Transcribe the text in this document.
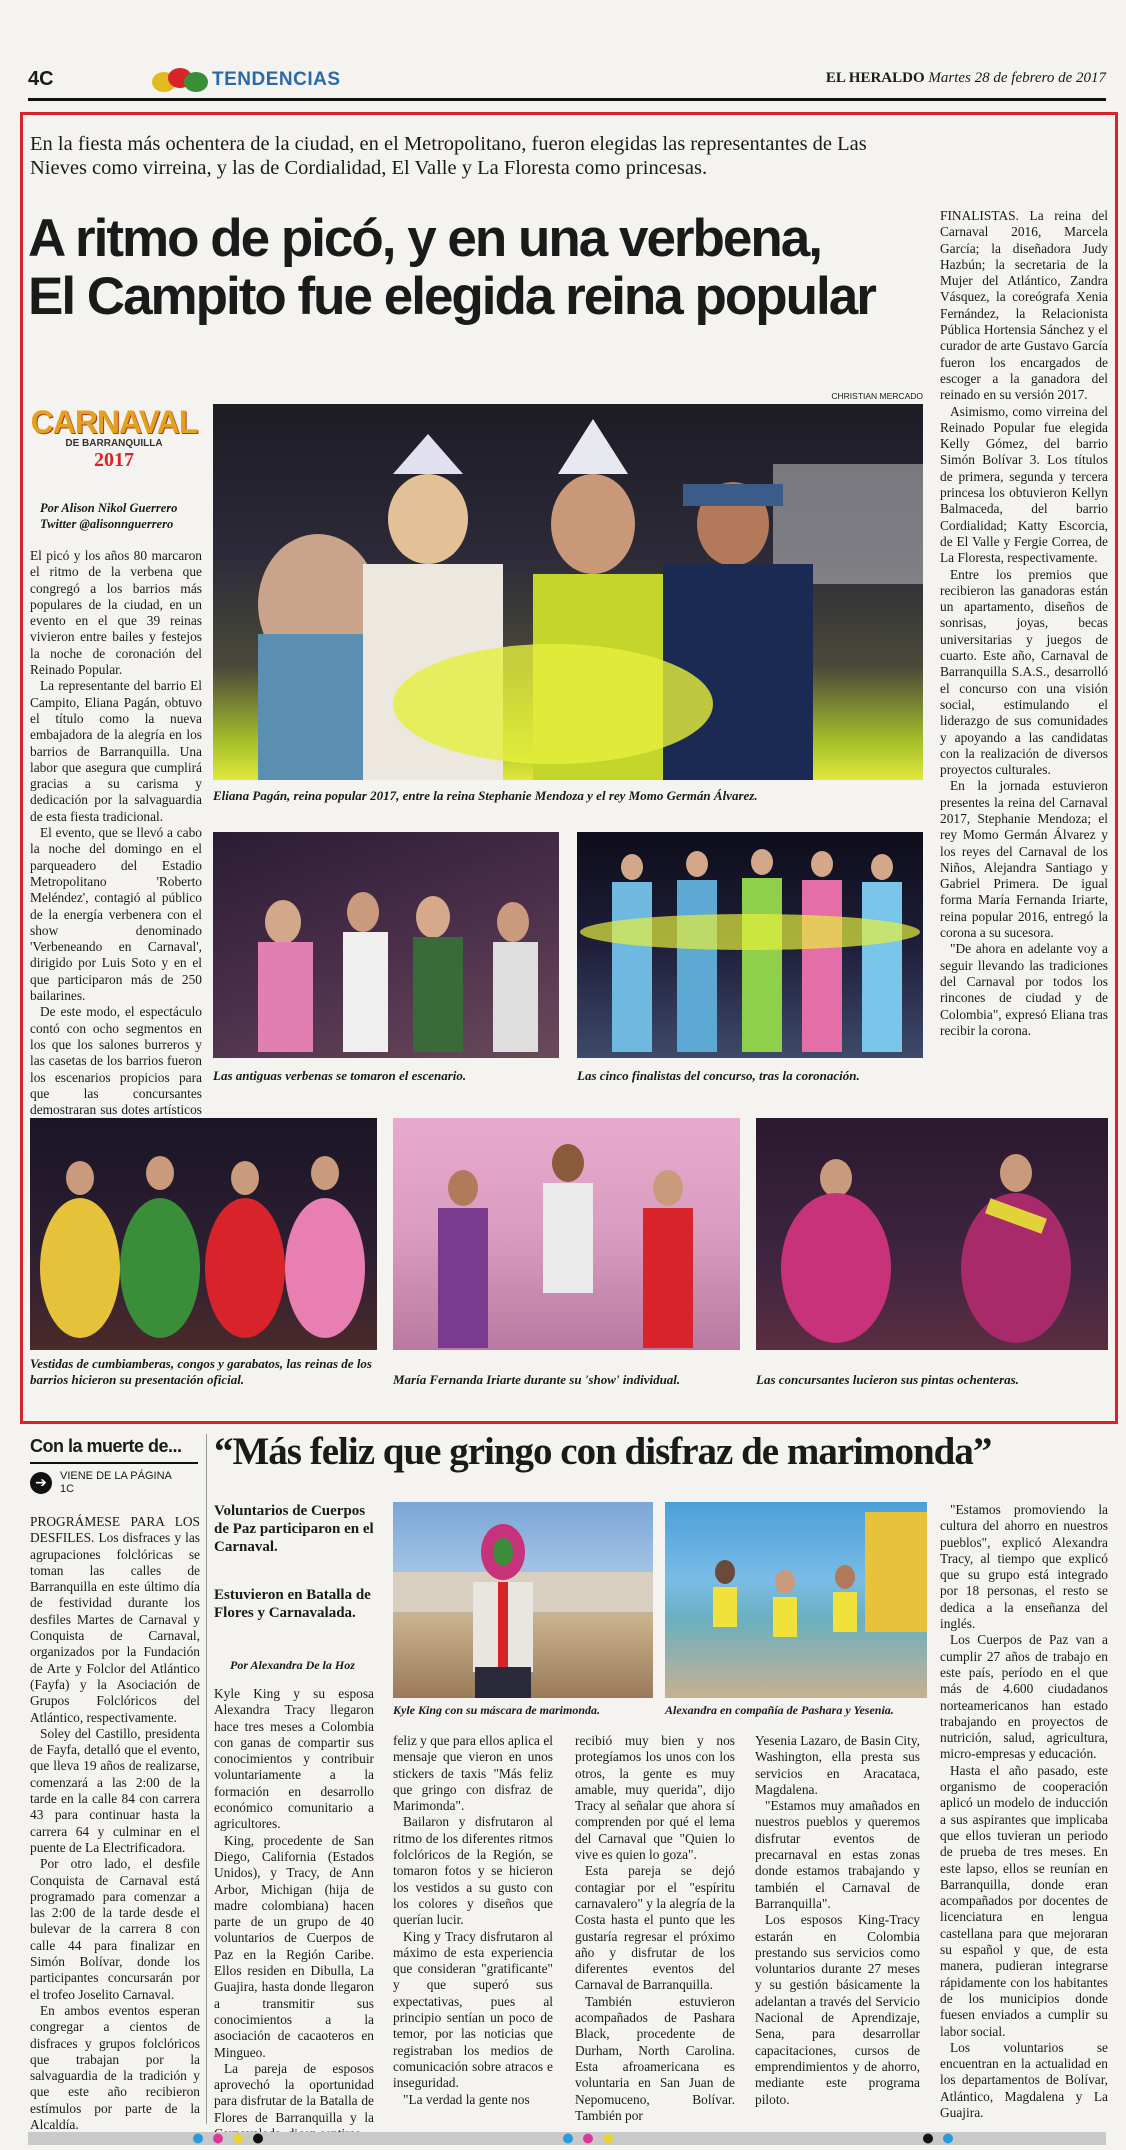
4C	TENDENCIAS	EL HERALDO Martes 28 de febrero de 2017
En la fiesta más ochentera de la ciudad, en el Metropolitano, fueron elegidas las representantes de Las Nieves como virreina, y las de Cordialidad, El Valle y La Floresta como princesas.
A ritmo de picó, y en una verbena,
El Campito fue elegida reina popular
CHRISTIAN MERCADO
CARNAVAL
DE BARRANQUILLA
2017
Por Alison Nikol Guerrero
Twitter @alisonnguerrero

El picó y los años 80 marcaron el ritmo de la verbena que congregó a los barrios más populares de la ciudad, en un evento en el que 39 reinas vivieron entre bailes y festejos la noche de coronación del Reinado Popular.

La representante del barrio El Campito, Eliana Pagán, obtuvo el título como la nueva embajadora de la alegría en los barrios de Barranquilla. Una labor que asegura que cumplirá gracias a su carisma y dedicación por la salvaguardia de esta fiesta tradicional.

El evento, que se llevó a cabo la noche del domingo en el parqueadero del Estadio Metropolitano 'Roberto Meléndez', contagió al público de la energía verbenera con el show denominado 'Verbeneando en Carnaval', dirigido por Luis Soto y en el que participaron más de 250 bailarines.

De este modo, el espectáculo contó con ocho segmentos en los que los salones burreros y las casetas de los barrios fueron los escenarios propicios para que las concursantes demostraran sus dotes artísticos

FINALISTAS. La reina del Carnaval 2016, Marcela García; la diseñadora Judy Hazbún; la secretaria de la Mujer del Atlántico, Zandra Vásquez, la coreógrafa Xenia Fernández, la Relacionista Pública Hortensia Sánchez y el curador de arte Gustavo García fueron los encargados de escoger a la ganadora del reinado en su versión 2017.

Asimismo, como virreina del Reinado Popular fue elegida Kelly Gómez, del barrio Simón Bolívar 3. Los títulos de primera, segunda y tercera princesa los obtuvieron Kellyn Balmaceda, del barrio Cordialidad; Katty Escorcia, de El Valle y Fergie Correa, de La Floresta, respectivamente.

Entre los premios que recibieron las ganadoras están un apartamento, diseños de sonrisas, joyas, becas universitarias y juegos de cuarto. Este año, Carnaval de Barranquilla S.A.S., desarrolló el concurso con una visión social, estimulando el liderazgo de sus comunidades y apoyando a las candidatas con la realización de diversos proyectos culturales.

En la jornada estuvieron presentes la reina del Carnaval 2017, Stephanie Mendoza; el rey Momo Germán Álvarez y los reyes del Carnaval de los Niños, Alejandra Santiago y Gabriel Primera. De igual forma María Fernanda Iriarte, reina popular 2016, entregó la corona a su sucesora.

"De ahora en adelante voy a seguir llevando las tradiciones del Carnaval por todos los rincones de ciudad y de Colombia", expresó Eliana tras recibir la corona.

Eliana Pagán, reina popular 2017, entre la reina Stephanie Mendoza y el rey Momo Germán Álvarez.
Las antiguas verbenas se tomaron el escenario.	Las cinco finalistas del concurso, tras la coronación.
Vestidas de cumbiamberas, congos y garabatos, las reinas de los barrios hicieron su presentación oficial.	María Fernanda Iriarte durante su 'show' individual.	Las concursantes lucieron sus pintas ochenteras.
Con la muerte de...
➔	VIENE DE LA PÁGINA 1C

PROGRÁMESE PARA LOS DESFILES. Los disfraces y las agrupaciones folclóricas se toman las calles de Barranquilla en este último día de festividad durante los desfiles Martes de Carnaval y Conquista de Carnaval, organizados por la Fundación de Arte y Folclor del Atlántico (Fayfa) y la Asociación de Grupos Folclóricos del Atlántico, respectivamente.

Soley del Castillo, presidenta de Fayfa, detalló que el evento, que lleva 19 años de realizarse, comenzará a las 2:00 de la tarde en la calle 84 con carrera 43 para continuar hasta la carrera 64 y culminar en el puente de La Electrificadora.

Por otro lado, el desfile Conquista de Carnaval está programado para comenzar a las 2:00 de la tarde desde el bulevar de la carrera 8 con calle 44 para finalizar en Simón Bolívar, donde los participantes concursarán por el trofeo Joselito Carnaval.

En ambos eventos esperan congregar a cientos de disfraces y grupos folclóricos que trabajan por la salvaguardia de la tradición y que este año recibieron estímulos por parte de la Alcaldía.

“Más feliz que gringo con disfraz de marimonda”
Voluntarios de Cuerpos de Paz participaron en el Carnaval.
Estuvieron en Batalla de Flores y Carnavalada.
Por Alexandra De la Hoz
Kyle King con su máscara de marimonda.	Alexandra en compañía de Pashara y Yesenia.

Kyle King y su esposa Alexandra Tracy llegaron hace tres meses a Colombia con ganas de compartir sus conocimientos y contribuir voluntariamente a la formación en desarrollo económico comunitario a agricultores.

King, procedente de San Diego, California (Estados Unidos), y Tracy, de Ann Arbor, Michigan (hija de madre colombiana) hacen parte de un grupo de 40 voluntarios de Cuerpos de Paz en la Región Caribe. Ellos residen en Dibulla, La Guajira, hasta donde llegaron a transmitir sus conocimientos a la asociación de cacaoteros en Mingueo.

La pareja de esposos aprovechó la oportunidad para disfrutar de la Batalla de Flores de Barranquilla y la

feliz y que para ellos aplica el mensaje que vieron en unos stickers de taxis "Más feliz que gringo con disfraz de Marimonda".

Bailaron y disfrutaron al ritmo de los diferentes ritmos folclóricos de la Región, se tomaron fotos y se hicieron los vestidos a su gusto con los colores y diseños que querían lucir.

King y Tracy disfrutaron al máximo de esta experiencia que consideran "gratificante" y que superó sus expectativas, pues al principio sentían un poco de temor, por las noticias que registraban los medios de comunicación sobre atracos e inseguridad.

"La verdad la gente nos

recibió muy bien y nos protegíamos los unos con los otros, la gente es muy amable, muy querida", dijo Tracy al señalar que ahora sí comprenden por qué el lema del Carnaval que "Quien lo vive es quien lo goza".

Esta pareja se dejó contagiar por el "espíritu carnavalero" y la alegría de la Costa hasta el punto que les gustaría regresar el próximo año y disfrutar de los diferentes eventos del Carnaval de Barranquilla.

También estuvieron acompañados de Pashara Black, procedente de Durham, North Carolina. Esta afroamericana es voluntaria en San Juan de Nepomuceno, Bolívar. También por

Yesenia Lazaro, de Basin City, Washington, ella presta sus servicios en Aracataca, Magdalena.

"Estamos muy amañados en nuestros pueblos y queremos disfrutar eventos de precarnaval en estas zonas donde estamos trabajando y también el Carnaval de Barranquilla".

Los esposos King-Tracy estarán en Colombia prestando sus servicios como voluntarios durante 27 meses y su gestión básicamente la adelantan a través del Servicio Nacional de Aprendizaje, Sena, para desarrollar capacitaciones, cursos de emprendimientos y de ahorro, mediante este programa piloto.

"Estamos promoviendo la cultura del ahorro en nuestros pueblos", explicó Alexandra Tracy, al tiempo que explicó que su grupo está integrado por 18 personas, el resto se dedica a la enseñanza del inglés.

Los Cuerpos de Paz van a cumplir 27 años de trabajo en este país, período en el que más de 4.600 ciudadanos norteamericanos han estado trabajando en proyectos de nutrición, salud, agricultura, micro-empresas y educación.

Hasta el año pasado, este organismo de cooperación aplicó un modelo de inducción a sus aspirantes que implicaba que ellos tuvieran un periodo de prueba de tres meses. En este lapso, ellos se reunían en Barranquilla, donde eran acompañados por docentes de licenciatura en lengua castellana para que mejoraran su español y que, de esta manera, pudieran integrarse rápidamente con los habitantes de los municipios donde fuesen enviados a cumplir su labor social.

Los voluntarios se encuentran en la actualidad en los departamentos de Bolívar, Atlántico, Magdalena y La Guajira.
